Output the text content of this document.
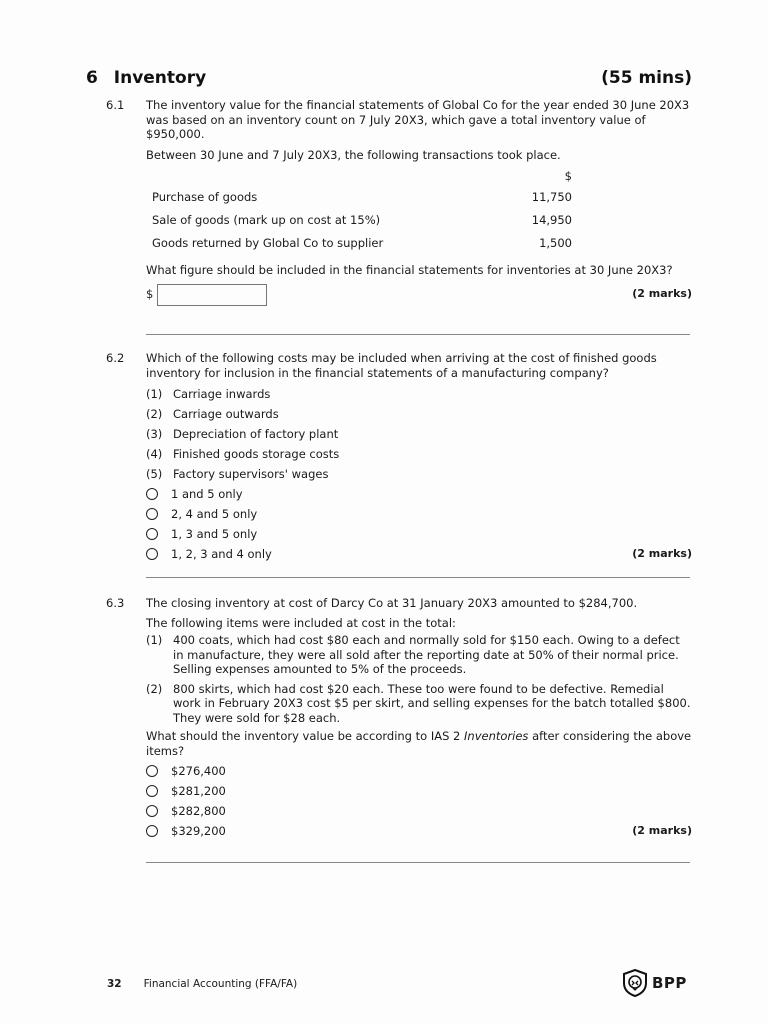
6 Inventory	(55 mins)
6.1	The inventory value for the financial statements of Global Co for the year ended 30 June 20X3 was based on an inventory count on 7 July 20X3, which gave a total inventory value of $950,000.

Between 30 June and 7 July 20X3, the following transactions took place.

$
Purchase of goods	11,750
Sale of goods (mark up on cost at 15%)	14,950
Goods returned by Global Co to supplier	1,500

What figure should be included in the financial statements for inventories at 30 June 20X3?

$	(2 marks)
6.2	Which of the following costs may be included when arriving at the cost of finished goods inventory for inclusion in the financial statements of a manufacturing company?

(1) Carriage inwards
(2) Carriage outwards
(3) Depreciation of factory plant
(4) Finished goods storage costs
(5) Factory supervisors' wages
1 and 5 only
2, 4 and 5 only
1, 3 and 5 only
1, 2, 3 and 4 only	(2 marks)
6.3	The closing inventory at cost of Darcy Co at 31 January 20X3 amounted to $284,700.

The following items were included at cost in the total:

(1) 400 coats, which had cost $80 each and normally sold for $150 each. Owing to a defect in manufacture, they were all sold after the reporting date at 50% of their normal price. Selling expenses amounted to 5% of the proceeds.
(2) 800 skirts, which had cost $20 each. These too were found to be defective. Remedial work in February 20X3 cost $5 per skirt, and selling expenses for the batch totalled $800. They were sold for $28 each.

What should the inventory value be according to IAS 2 Inventories after considering the above items?

$276,400
$281,200
$282,800
$329,200	(2 marks)
32 Financial Accounting (FFA/FA)	BPP
